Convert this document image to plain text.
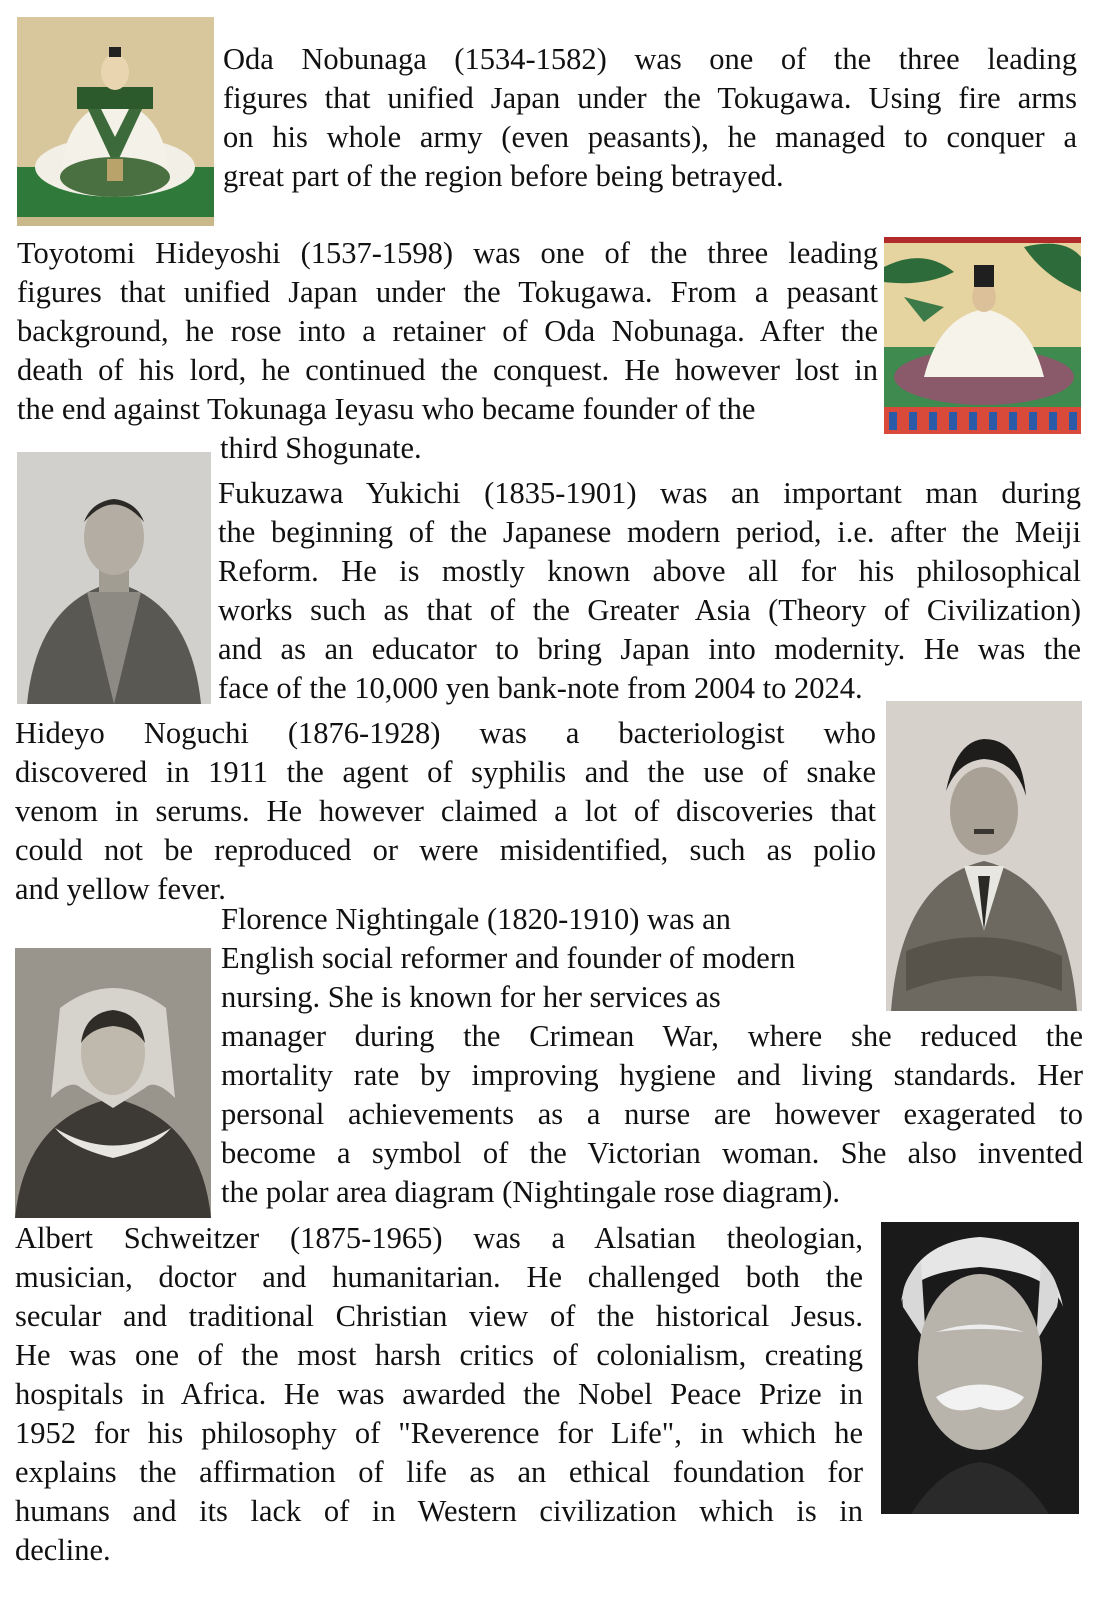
Oda Nobunaga (1534-1582) was one of the three leading
figures that unified Japan under the Tokugawa. Using fire arms
on his whole army (even peasants), he managed to conquer a
great part of the region before being betrayed.
Toyotomi Hideyoshi (1537-1598) was one of the three leading
figures that unified Japan under the Tokugawa. From a peasant
background, he rose into a retainer of Oda Nobunaga. After the
death of his lord, he continued the conquest. He however lost in
the end against Tokunaga Ieyasu who became founder of the
third Shogunate.
Fukuzawa Yukichi (1835-1901) was an important man during
the beginning of the Japanese modern period, i.e. after the Meiji
Reform. He is mostly known above all for his philosophical
works such as that of the Greater Asia (Theory of Civilization)
and as an educator to bring Japan into modernity. He was the
face of the 10,000 yen bank-note from 2004 to 2024.
Hideyo Noguchi (1876-1928) was a bacteriologist who
discovered in 1911 the agent of syphilis and the use of snake
venom in serums. He however claimed a lot of discoveries that
could not be reproduced or were misidentified, such as polio
and yellow fever.
Florence Nightingale (1820-1910) was an
English social reformer and founder of modern
nursing. She is known for her services as
manager during the Crimean War, where she reduced the
mortality rate by improving hygiene and living standards. Her
personal achievements as a nurse are however exagerated to
become a symbol of the Victorian woman. She also invented
the polar area diagram (Nightingale rose diagram).
Albert Schweitzer (1875-1965) was a Alsatian theologian,
musician, doctor and humanitarian. He challenged both the
secular and traditional Christian view of the historical Jesus.
He was one of the most harsh critics of colonialism, creating
hospitals in Africa. He was awarded the Nobel Peace Prize in
1952 for his philosophy of "Reverence for Life", in which he
explains the affirmation of life as an ethical foundation for
humans and its lack of in Western civilization which is in
decline.
